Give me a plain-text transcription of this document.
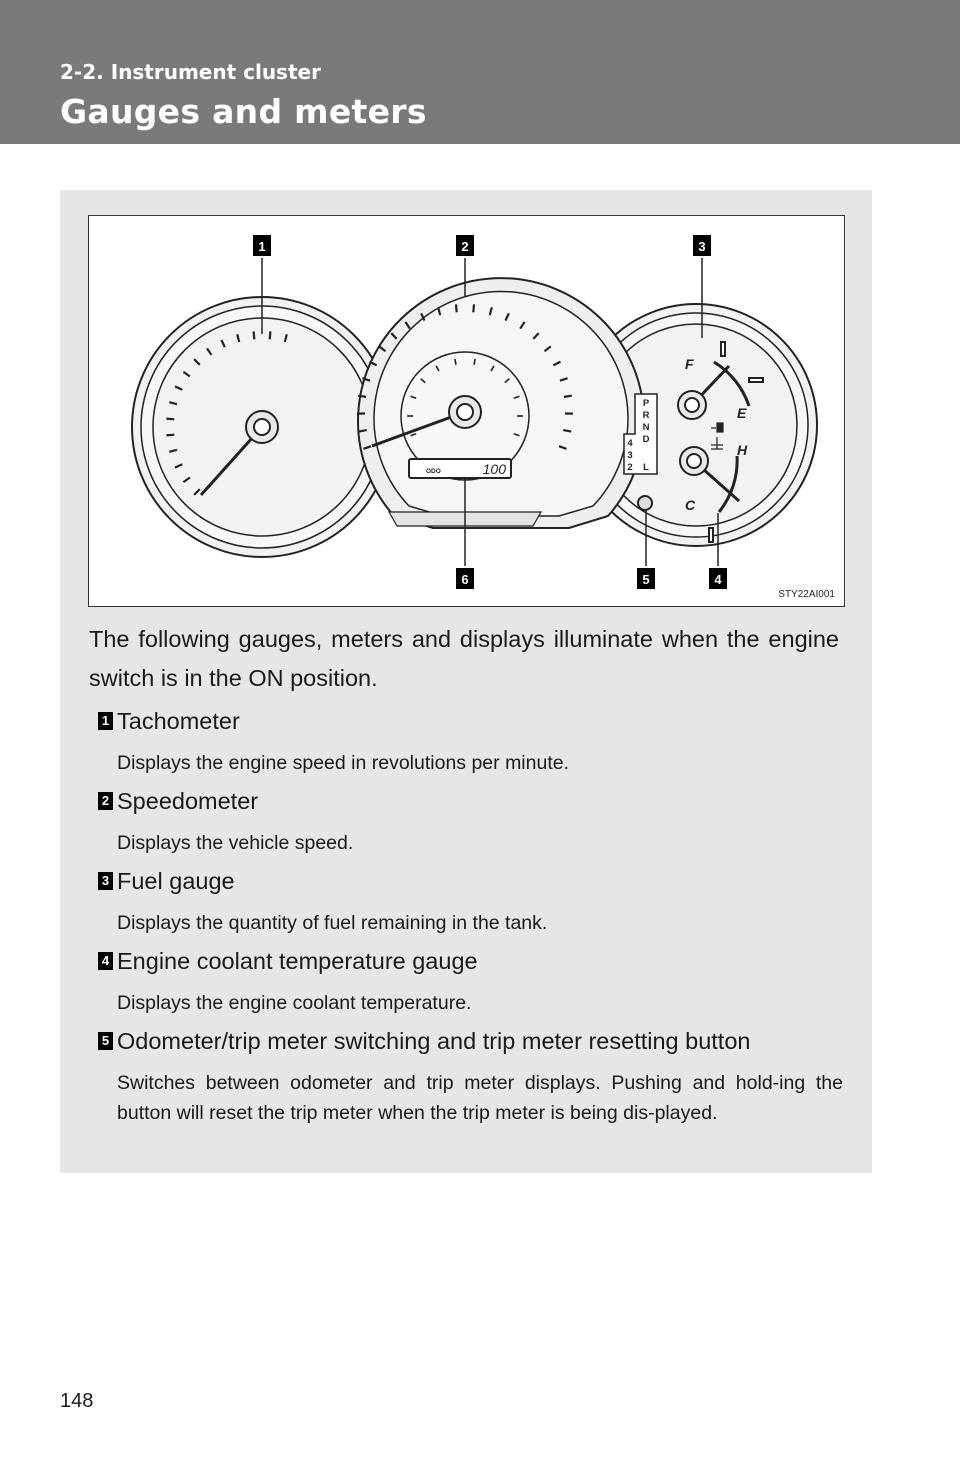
2-2. Instrument cluster
Gauges and meters
ODO	100
P
R
N
D
4
3
2 L
F
E
H
C
STY22AI001
1	2	3
4
5
6
The following gauges, meters and displays illuminate when the engine switch is in the ON position.
1 Tachometer
Displays the engine speed in revolutions per minute.
2 Speedometer
Displays the vehicle speed.
3 Fuel gauge
Displays the quantity of fuel remaining in the tank.
4 Engine coolant temperature gauge
Displays the engine coolant temperature.
5 Odometer/trip meter switching and trip meter resetting button
Switches between odometer and trip meter displays. Pushing and hold-ing the button will reset the trip meter when the trip meter is being dis-played.
148
